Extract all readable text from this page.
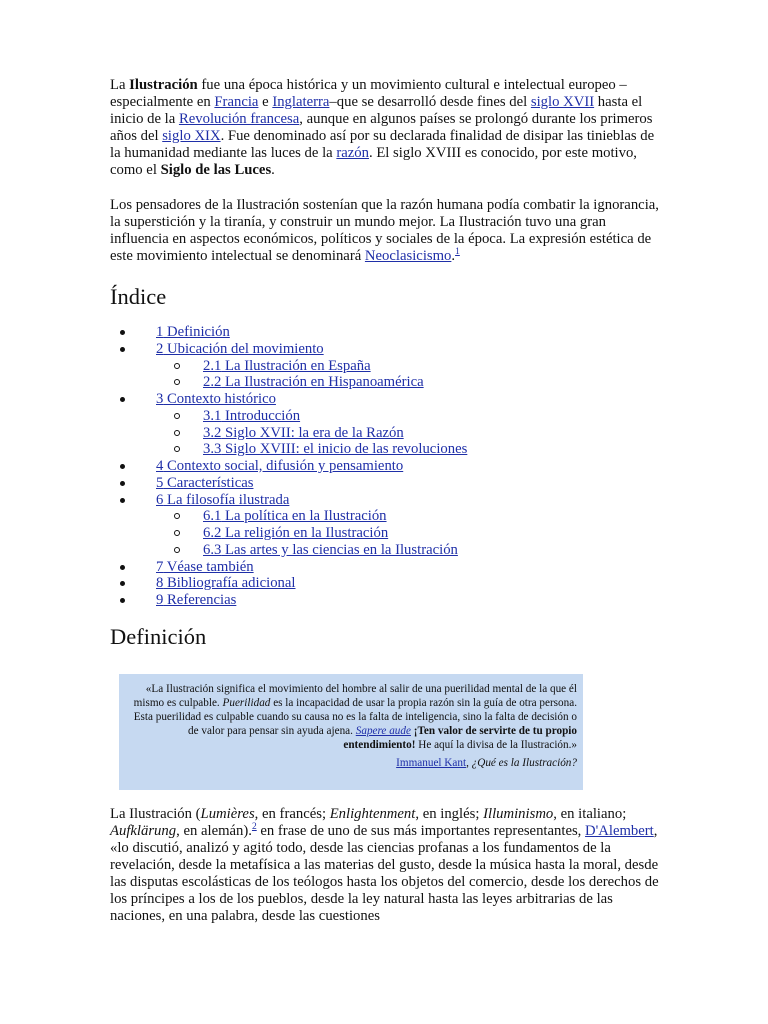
La Ilustración fue una época histórica y un movimiento cultural e intelectual europeo –especialmente en Francia e Inglaterra–que se desarrolló desde fines del siglo XVII hasta el inicio de la Revolución francesa, aunque en algunos países se prolongó durante los primeros años del siglo XIX. Fue denominado así por su declarada finalidad de disipar las tinieblas de la humanidad mediante las luces de la razón. El siglo XVIII es conocido, por este motivo, como el Siglo de las Luces.

Los pensadores de la Ilustración sostenían que la razón humana podía combatir la ignorancia, la superstición y la tiranía, y construir un mundo mejor. La Ilustración tuvo una gran influencia en aspectos económicos, políticos y sociales de la época. La expresión estética de este movimiento intelectual se denominará Neoclasicismo.$^1$

Índice
1 Definición
2 Ubicación del movimiento
2.1 La Ilustración en España
2.2 La Ilustración en Hispanoamérica
3 Contexto histórico
3.1 Introducción
3.2 Siglo XVII: la era de la Razón
3.3 Siglo XVIII: el inicio de las revoluciones
4 Contexto social, difusión y pensamiento
5 Características
6 La filosofía ilustrada
6.1 La política en la Ilustración
6.2 La religión en la Ilustración
6.3 Las artes y las ciencias en la Ilustración
7 Véase también
8 Bibliografía adicional
9 Referencias
Definición
«La Ilustración significa el movimiento del hombre al salir de una puerilidad mental de la que él mismo es culpable. Puerilidad es la incapacidad de usar la propia razón sin la guía de otra persona. Esta puerilidad es culpable cuando su causa no es la falta de inteligencia, sino la falta de decisión o de valor para pensar sin ayuda ajena. Sapere aude ¡Ten valor de servirte de tu propio entendimiento! He aquí la divisa de la Ilustración.»
Immanuel Kant, ¿Qué es la Ilustración?

La Ilustración (Lumières, en francés; Enlightenment, en inglés; Illuminismo, en italiano; Aufklärung, en alemán).$^2$ en frase de uno de sus más importantes representantes, D'Alembert, «lo discutió, analizó y agitó todo, desde las ciencias profanas a los fundamentos de la revelación, desde la metafísica a las materias del gusto, desde la música hasta la moral, desde las disputas escolásticas de los teólogos hasta los objetos del comercio, desde los derechos de los príncipes a los de los pueblos, desde la ley natural hasta las leyes arbitrarias de las naciones, en una palabra, desde las cuestiones
